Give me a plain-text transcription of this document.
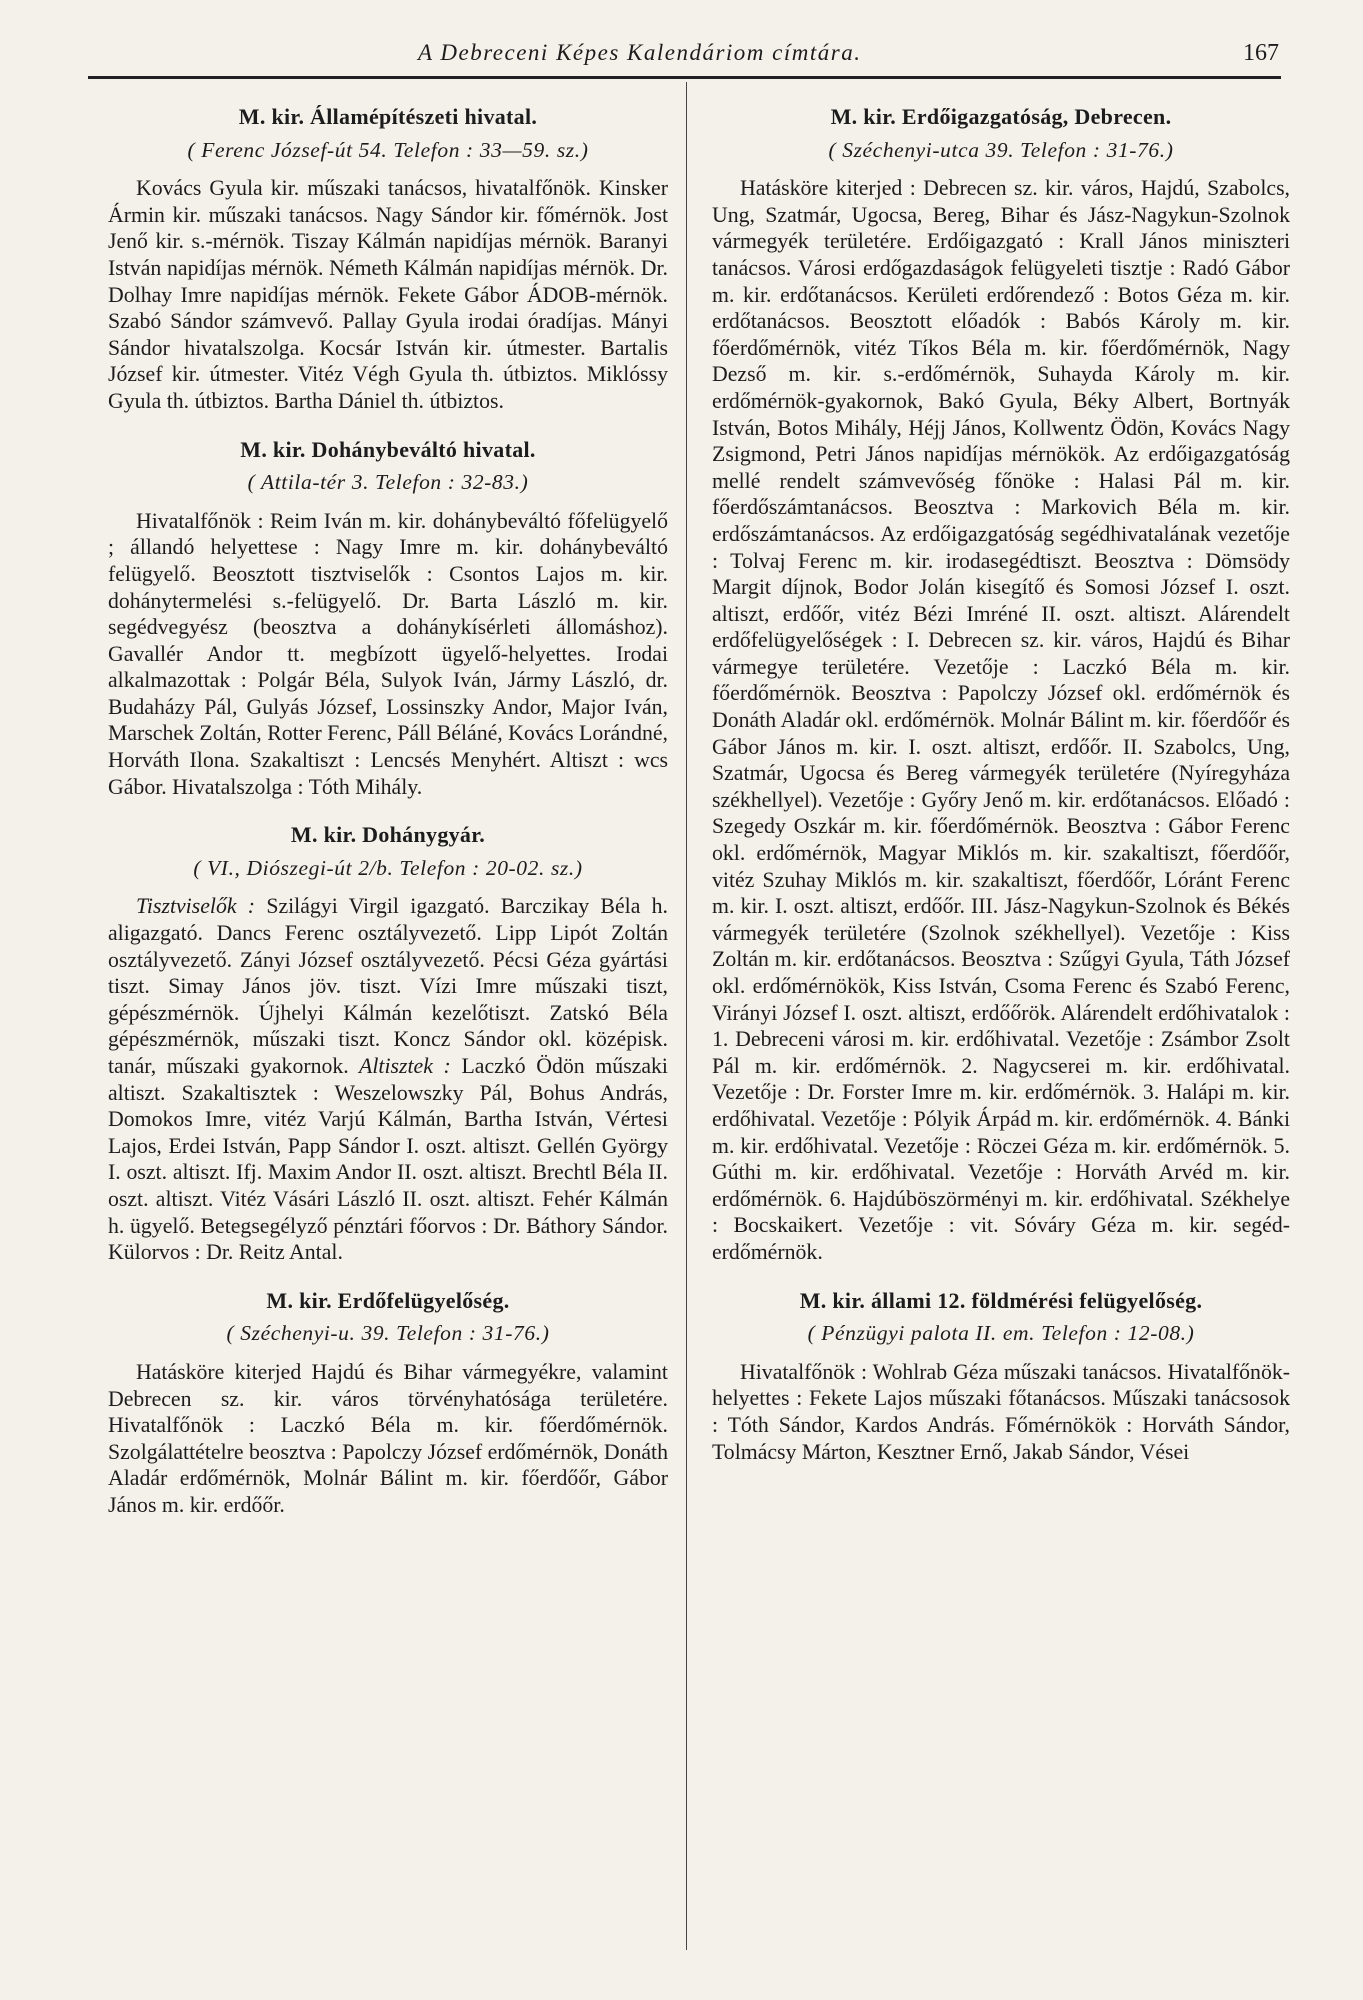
A Debreceni Képes Kalendáriom címtára.	167
M. kir. Államépítészeti hivatal.
( Ferenc József-út 54. Telefon : 33—59. sz.)
Kovács Gyula kir. műszaki tanácsos, hivatalfőnök. Kinsker Ármin kir. műszaki tanácsos. Nagy Sándor kir. főmérnök. Jost Jenő kir. s.-mérnök. Tiszay Kálmán napidíjas mérnök. Baranyi István napidíjas mérnök. Németh Kálmán napidíjas mérnök. Dr. Dolhay Imre napidíjas mérnök. Fekete Gábor ÁDOB-mérnök. Szabó Sándor számvevő. Pallay Gyula irodai óradíjas. Mányi Sándor hivatalszolga. Kocsár István kir. útmester. Bartalis József kir. útmester. Vitéz Végh Gyula th. útbiztos. Miklóssy Gyula th. útbiztos. Bartha Dániel th. útbiztos.
M. kir. Dohánybeváltó hivatal.
( Attila-tér 3. Telefon : 32-83.)
Hivatalfőnök : Reim Iván m. kir. dohánybeváltó főfelügyelő ; állandó helyettese : Nagy Imre m. kir. dohánybeváltó felügyelő. Beosztott tisztviselők : Csontos Lajos m. kir. dohánytermelési s.-felügyelő. Dr. Barta László m. kir. segédvegyész (beosztva a dohánykísérleti állomáshoz). Gavallér Andor tt. megbízott ügyelő-helyettes. Irodai alkalmazottak : Polgár Béla, Sulyok Iván, Jármy László, dr. Budaházy Pál, Gulyás József, Lossinszky Andor, Major Iván, Marschek Zoltán, Rotter Ferenc, Páll Béláné, Kovács Lorándné, Horváth Ilona. Szakaltiszt : Lencsés Menyhért. Altiszt : wcs Gábor. Hivatalszolga : Tóth Mihály.
M. kir. Dohánygyár.
( VI., Diószegi-út 2/b. Telefon : 20-02. sz.)
Tisztviselők : Szilágyi Virgil igazgató. Barczikay Béla h. aligazgató. Dancs Ferenc osztályvezető. Lipp Lipót Zoltán osztályvezető. Zányi József osztályvezető. Pécsi Géza gyártási tiszt. Simay János jöv. tiszt. Vízi Imre műszaki tiszt, gépészmérnök. Újhelyi Kálmán kezelőtiszt. Zatskó Béla gépészmérnök, műszaki tiszt. Koncz Sándor okl. középisk. tanár, műszaki gyakornok. Altisztek : Laczkó Ödön műszaki altiszt. Szakaltisztek : Weszelowszky Pál, Bohus András, Domokos Imre, vitéz Varjú Kálmán, Bartha István, Vértesi Lajos, Erdei István, Papp Sándor I. oszt. altiszt. Gellén György I. oszt. altiszt. Ifj. Maxim Andor II. oszt. altiszt. Brechtl Béla II. oszt. altiszt. Vitéz Vásári László II. oszt. altiszt. Fehér Kálmán h. ügyelő. Betegsegélyző pénztári főorvos : Dr. Báthory Sándor. Külorvos : Dr. Reitz Antal.
M. kir. Erdőfelügyelőség.
( Széchenyi-u. 39. Telefon : 31-76.)
Hatásköre kiterjed Hajdú és Bihar vármegyékre, valamint Debrecen sz. kir. város törvényhatósága területére. Hivatalfőnök : Laczkó Béla m. kir. főerdőmérnök. Szolgálattételre beosztva : Papolczy József erdőmérnök, Donáth Aladár erdőmérnök, Molnár Bálint m. kir. főerdőőr, Gábor János m. kir. erdőőr.
M. kir. Erdőigazgatóság, Debrecen.
( Széchenyi-utca 39. Telefon : 31-76.)
Hatásköre kiterjed : Debrecen sz. kir. város, Hajdú, Szabolcs, Ung, Szatmár, Ugocsa, Bereg, Bihar és Jász-Nagykun-Szolnok vármegyék területére. Erdőigazgató : Krall János miniszteri tanácsos. Városi erdőgazdaságok felügyeleti tisztje : Radó Gábor m. kir. erdőtanácsos. Kerületi erdőrendező : Botos Géza m. kir. erdőtanácsos. Beosztott előadók : Babós Károly m. kir. főerdőmérnök, vitéz Tíkos Béla m. kir. főerdőmérnök, Nagy Dezső m. kir. s.-erdőmérnök, Suhayda Károly m. kir. erdőmérnök-gyakornok, Bakó Gyula, Béky Albert, Bortnyák István, Botos Mihály, Héjj János, Kollwentz Ödön, Kovács Nagy Zsigmond, Petri János napidíjas mérnökök. Az erdőigazgatóság mellé rendelt számvevőség főnöke : Halasi Pál m. kir. főerdőszámtanácsos. Beosztva : Markovich Béla m. kir. erdőszámtanácsos. Az erdőigazgatóság segédhivatalának vezetője : Tolvaj Ferenc m. kir. irodasegédtiszt. Beosztva : Dömsödy Margit díjnok, Bodor Jolán kisegítő és Somosi József I. oszt. altiszt, erdőőr, vitéz Bézi Imréné II. oszt. altiszt. Alárendelt erdőfelügyelőségek : I. Debrecen sz. kir. város, Hajdú és Bihar vármegye területére. Vezetője : Laczkó Béla m. kir. főerdőmérnök. Beosztva : Papolczy József okl. erdőmérnök és Donáth Aladár okl. erdőmérnök. Molnár Bálint m. kir. főerdőőr és Gábor János m. kir. I. oszt. altiszt, erdőőr. II. Szabolcs, Ung, Szatmár, Ugocsa és Bereg vármegyék területére (Nyíregyháza székhellyel). Vezetője : Győry Jenő m. kir. erdőtanácsos. Előadó : Szegedy Oszkár m. kir. főerdőmérnök. Beosztva : Gábor Ferenc okl. erdőmérnök, Magyar Miklós m. kir. szakaltiszt, főerdőőr, vitéz Szuhay Miklós m. kir. szakaltiszt, főerdőőr, Lóránt Ferenc m. kir. I. oszt. altiszt, erdőőr. III. Jász-Nagykun-Szolnok és Békés vármegyék területére (Szolnok székhellyel). Vezetője : Kiss Zoltán m. kir. erdőtanácsos. Beosztva : Szűgyi Gyula, Táth József okl. erdőmérnökök, Kiss István, Csoma Ferenc és Szabó Ferenc, Virányi József I. oszt. altiszt, erdőőrök. Alárendelt erdőhivatalok : 1. Debreceni városi m. kir. erdőhivatal. Vezetője : Zsámbor Zsolt Pál m. kir. erdőmérnök. 2. Nagycserei m. kir. erdőhivatal. Vezetője : Dr. Forster Imre m. kir. erdőmérnök. 3. Halápi m. kir. erdőhivatal. Vezetője : Pólyik Árpád m. kir. erdőmérnök. 4. Bánki m. kir. erdőhivatal. Vezetője : Röczei Géza m. kir. erdőmérnök. 5. Gúthi m. kir. erdőhivatal. Vezetője : Horváth Arvéd m. kir. erdőmérnök. 6. Hajdúböszörményi m. kir. erdőhivatal. Székhelye : Bocskaikert. Vezetője : vit. Sóváry Géza m. kir. segéd-erdőmérnök.
M. kir. állami 12. földmérési felügyelőség.
( Pénzügyi palota II. em. Telefon : 12-08.)
Hivatalfőnök : Wohlrab Géza műszaki tanácsos. Hivatalfőnök-helyettes : Fekete Lajos műszaki főtanácsos. Műszaki tanácsosok : Tóth Sándor, Kardos András. Főmérnökök : Horváth Sándor, Tolmácsy Márton, Kesztner Ernő, Jakab Sándor, Vései
